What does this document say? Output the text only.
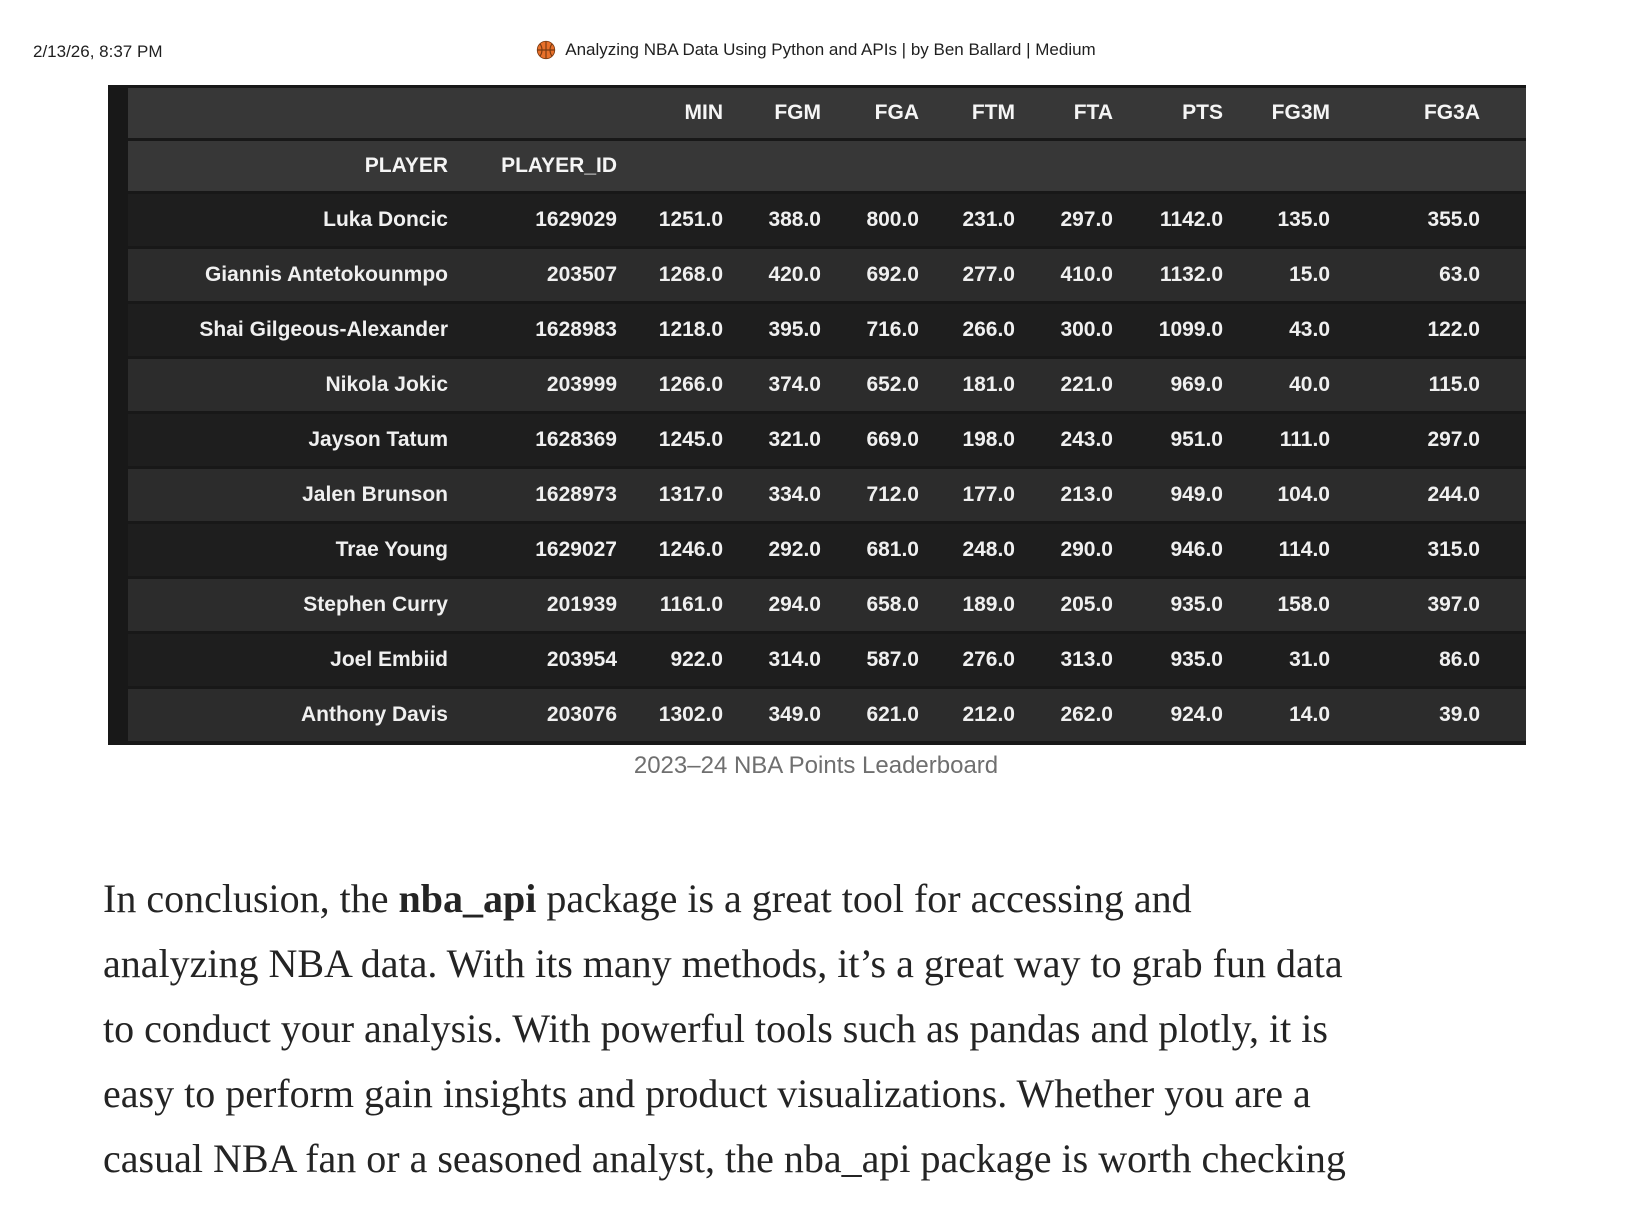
2/13/26, 8:37 PM	Analyzing NBA Data Using Python and APIs | by Ben Ballard | Medium
		MIN	FGM	FGA	FTM	FTA	PTS	FG3M	FG3A
PLAYER	PLAYER_ID								
Luka Doncic	1629029	1251.0	388.0	800.0	231.0	297.0	1142.0	135.0	355.0
Giannis Antetokounmpo	203507	1268.0	420.0	692.0	277.0	410.0	1132.0	15.0	63.0
Shai Gilgeous-Alexander	1628983	1218.0	395.0	716.0	266.0	300.0	1099.0	43.0	122.0
Nikola Jokic	203999	1266.0	374.0	652.0	181.0	221.0	969.0	40.0	115.0
Jayson Tatum	1628369	1245.0	321.0	669.0	198.0	243.0	951.0	111.0	297.0
Jalen Brunson	1628973	1317.0	334.0	712.0	177.0	213.0	949.0	104.0	244.0
Trae Young	1629027	1246.0	292.0	681.0	248.0	290.0	946.0	114.0	315.0
Stephen Curry	201939	1161.0	294.0	658.0	189.0	205.0	935.0	158.0	397.0
Joel Embiid	203954	922.0	314.0	587.0	276.0	313.0	935.0	31.0	86.0
Anthony Davis	203076	1302.0	349.0	621.0	212.0	262.0	924.0	14.0	39.0
2023–24 NBA Points Leaderboard

In conclusion, the nba_api package is a great tool for accessing and
analyzing NBA data. With its many methods, it’s a great way to grab fun data
to conduct your analysis. With powerful tools such as pandas and plotly, it is
easy to perform gain insights and product visualizations. Whether you are a
casual NBA fan or a seasoned analyst, the nba_api package is worth checking
